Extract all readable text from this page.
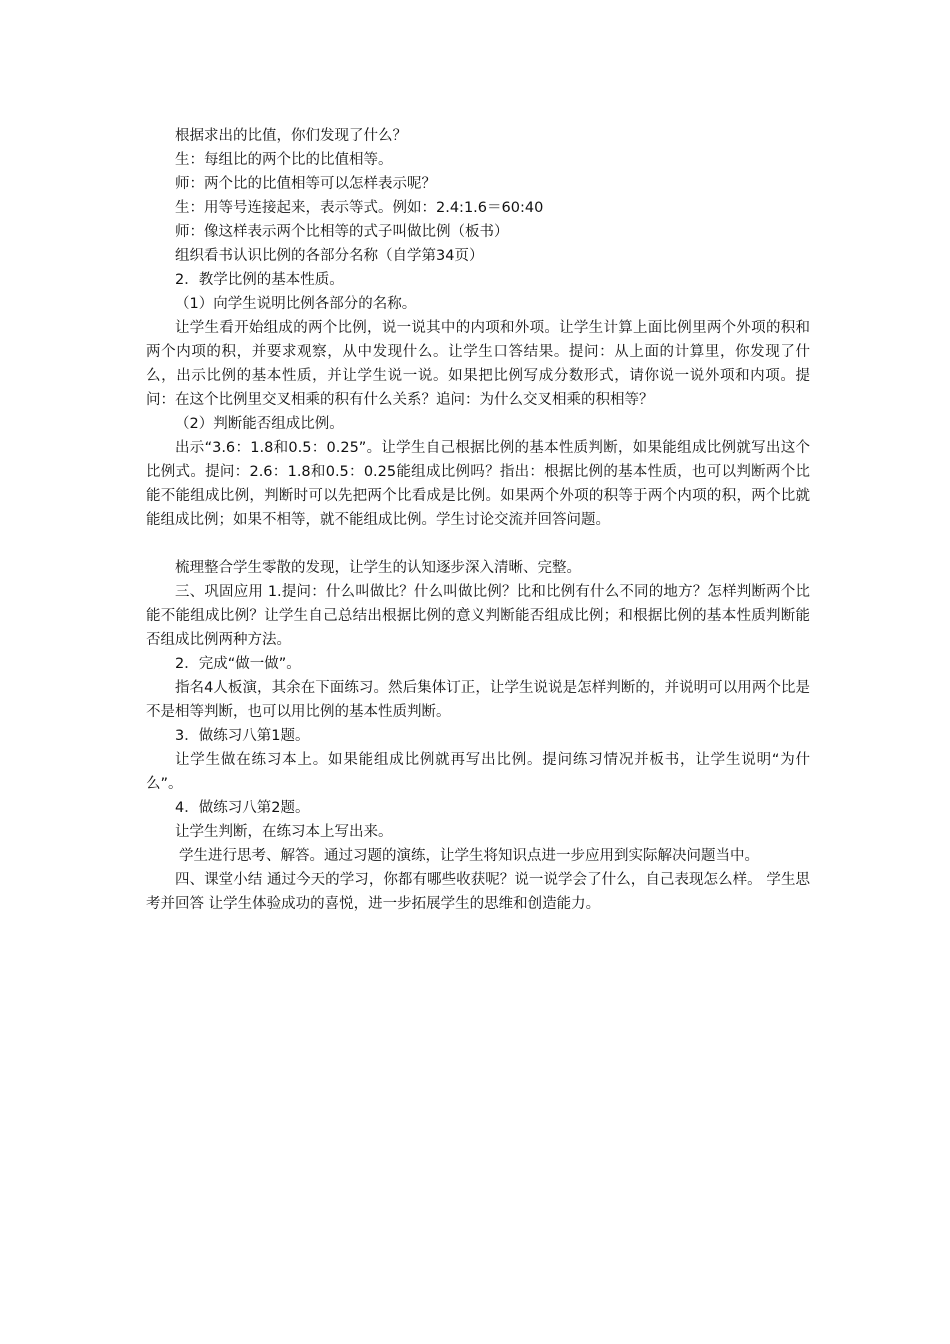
根据求出的比值，你们发现了什么？

生：每组比的两个比的比值相等。

师：两个比的比值相等可以怎样表示呢？

生：用等号连接起来，表示等式。例如：2.4:1.6＝60:40

师：像这样表示两个比相等的式子叫做比例（板书）

组织看书认识比例的各部分名称（自学第34页）

2．教学比例的基本性质。

（1）向学生说明比例各部分的名称。

让学生看开始组成的两个比例，说一说其中的内项和外项。让学生计算上面比例里两个外项的积和两个内项的积，并要求观察，从中发现什么。让学生口答结果。提问：从上面的计算里，你发现了什么，出示比例的基本性质，并让学生说一说。如果把比例写成分数形式，请你说一说外项和内项。提问：在这个比例里交叉相乘的积有什么关系？追问：为什么交叉相乘的积相等？

（2）判断能否组成比例。

出示“3.6：1.8和0.5：0.25”。让学生自己根据比例的基本性质判断，如果能组成比例就写出这个比例式。提问：2.6：1.8和0.5：0.25能组成比例吗？指出：根据比例的基本性质，也可以判断两个比能不能组成比例，判断时可以先把两个比看成是比例。如果两个外项的积等于两个内项的积，两个比就能组成比例；如果不相等，就不能组成比例。学生讨论交流并回答问题。

梳理整合学生零散的发现，让学生的认知逐步深入清晰、完整。

三、巩固应用 1.提问：什么叫做比？什么叫做比例？比和比例有什么不同的地方？怎样判断两个比能不能组成比例？让学生自己总结出根据比例的意义判断能否组成比例；和根据比例的基本性质判断能否组成比例两种方法。

2．完成“做一做”。

指名4人板演，其余在下面练习。然后集体订正，让学生说说是怎样判断的，并说明可以用两个比是不是相等判断，也可以用比例的基本性质判断。

3．做练习八第1题。

让学生做在练习本上。如果能组成比例就再写出比例。提问练习情况并板书，让学生说明“为什么”。

4．做练习八第2题。

让学生判断，在练习本上写出来。

学生进行思考、解答。通过习题的演练，让学生将知识点进一步应用到实际解决问题当中。

四、课堂小结 通过今天的学习，你都有哪些收获呢？说一说学会了什么，自己表现怎么样。 学生思考并回答 让学生体验成功的喜悦，进一步拓展学生的思维和创造能力。
